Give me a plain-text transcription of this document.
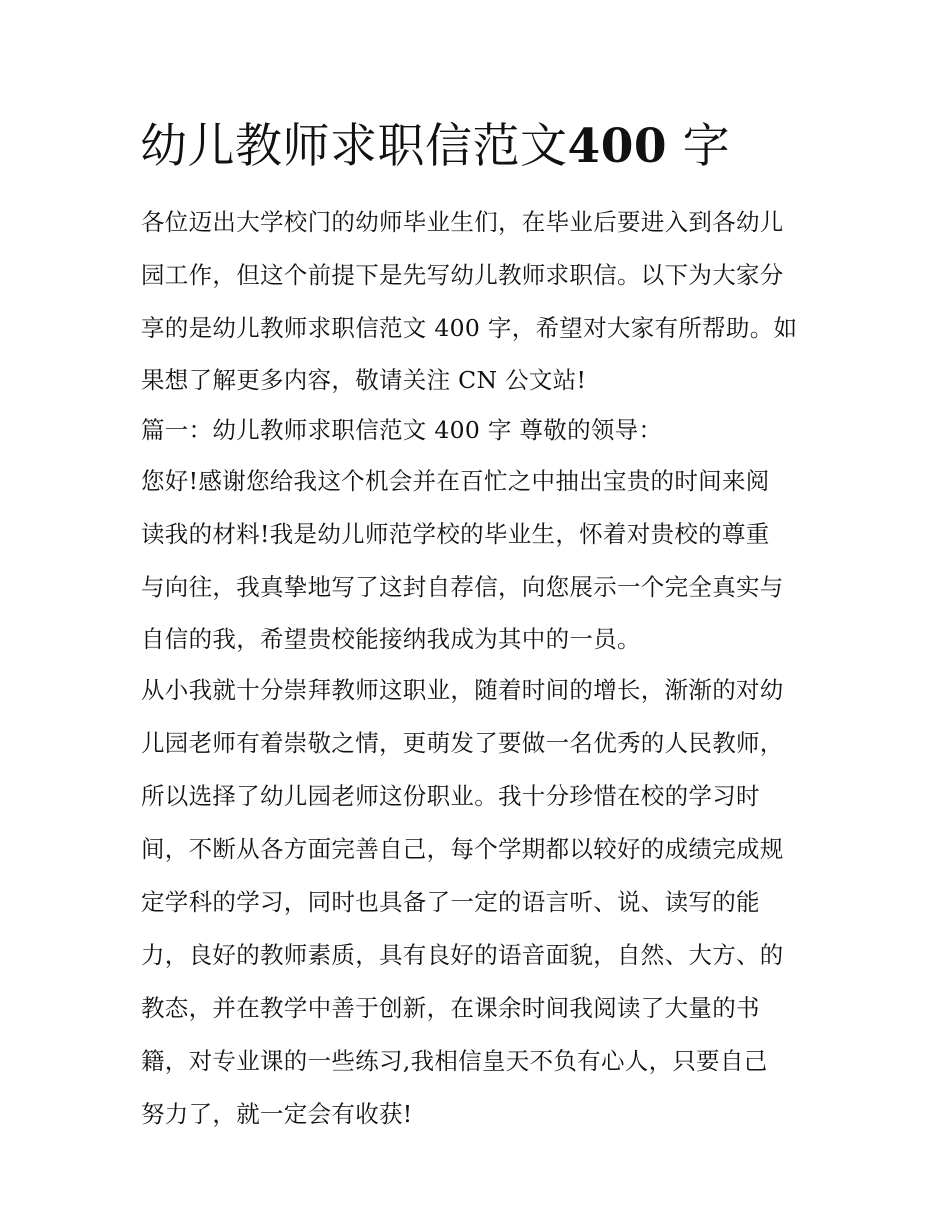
幼儿教师求职信范文400 字
各位迈出大学校门的幼师毕业生们，在毕业后要进入到各幼儿
园工作，但这个前提下是先写幼儿教师求职信。以下为大家分
享的是幼儿教师求职信范文 400 字，希望对大家有所帮助。如
果想了解更多内容，敬请关注 CN 公文站!
篇一：幼儿教师求职信范文 400 字 尊敬的领导：
您好!感谢您给我这个机会并在百忙之中抽出宝贵的时间来阅
读我的材料!我是幼儿师范学校的毕业生，怀着对贵校的尊重
与向往，我真挚地写了这封自荐信，向您展示一个完全真实与
自信的我，希望贵校能接纳我成为其中的一员。
从小我就十分崇拜教师这职业，随着时间的增长，渐渐的对幼
儿园老师有着崇敬之情，更萌发了要做一名优秀的人民教师，
所以选择了幼儿园老师这份职业。我十分珍惜在校的学习时
间，不断从各方面完善自己，每个学期都以较好的成绩完成规
定学科的学习，同时也具备了一定的语言听、说、读写的能
力，良好的教师素质，具有良好的语音面貌，自然、大方、的
教态，并在教学中善于创新，在课余时间我阅读了大量的书
籍，对专业课的一些练习,我相信皇天不负有心人，只要自己
努力了，就一定会有收获!
